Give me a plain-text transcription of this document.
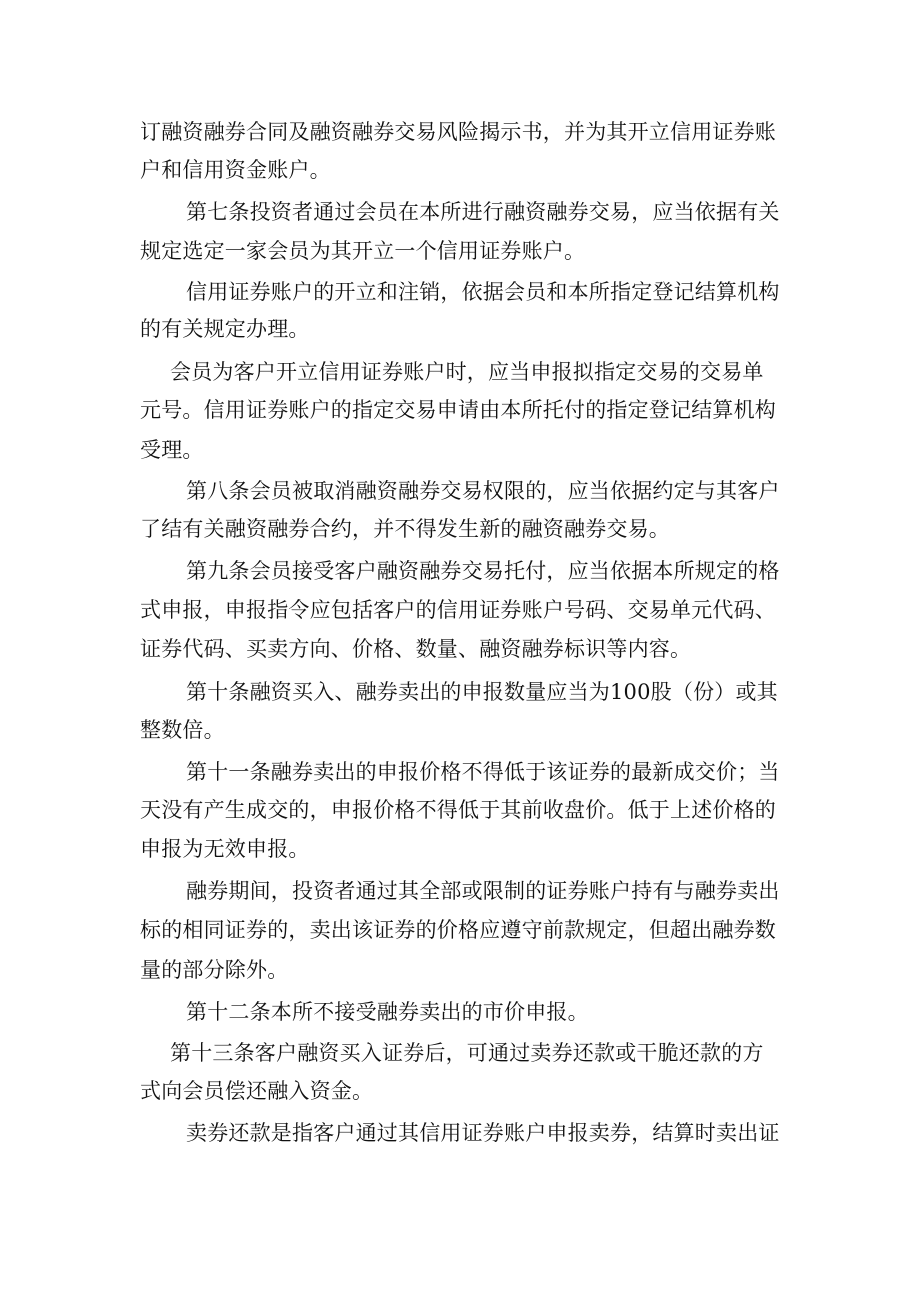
订融资融券合同及融资融券交易风险揭示书，并为其开立信用证券账
户和信用资金账户。
第七条投资者通过会员在本所进行融资融券交易，应当依据有关
规定选定一家会员为其开立一个信用证券账户。
信用证券账户的开立和注销，依据会员和本所指定登记结算机构
的有关规定办理。
会员为客户开立信用证券账户时，应当申报拟指定交易的交易单
元号。信用证券账户的指定交易申请由本所托付的指定登记结算机构
受理。
第八条会员被取消融资融券交易权限的，应当依据约定与其客户
了结有关融资融券合约，并不得发生新的融资融券交易。
第九条会员接受客户融资融券交易托付，应当依据本所规定的格
式申报，申报指令应包括客户的信用证券账户号码、交易单元代码、
证券代码、买卖方向、价格、数量、融资融券标识等内容。
第十条融资买入、融券卖出的申报数量应当为100股（份）或其
整数倍。
第十一条融券卖出的申报价格不得低于该证券的最新成交价；当
天没有产生成交的，申报价格不得低于其前收盘价。低于上述价格的
申报为无效申报。
融券期间，投资者通过其全部或限制的证券账户持有与融券卖出
标的相同证券的，卖出该证券的价格应遵守前款规定，但超出融券数
量的部分除外。
第十二条本所不接受融券卖出的市价申报。
第十三条客户融资买入证券后，可通过卖券还款或干脆还款的方
式向会员偿还融入资金。
卖券还款是指客户通过其信用证券账户申报卖券，结算时卖出证
